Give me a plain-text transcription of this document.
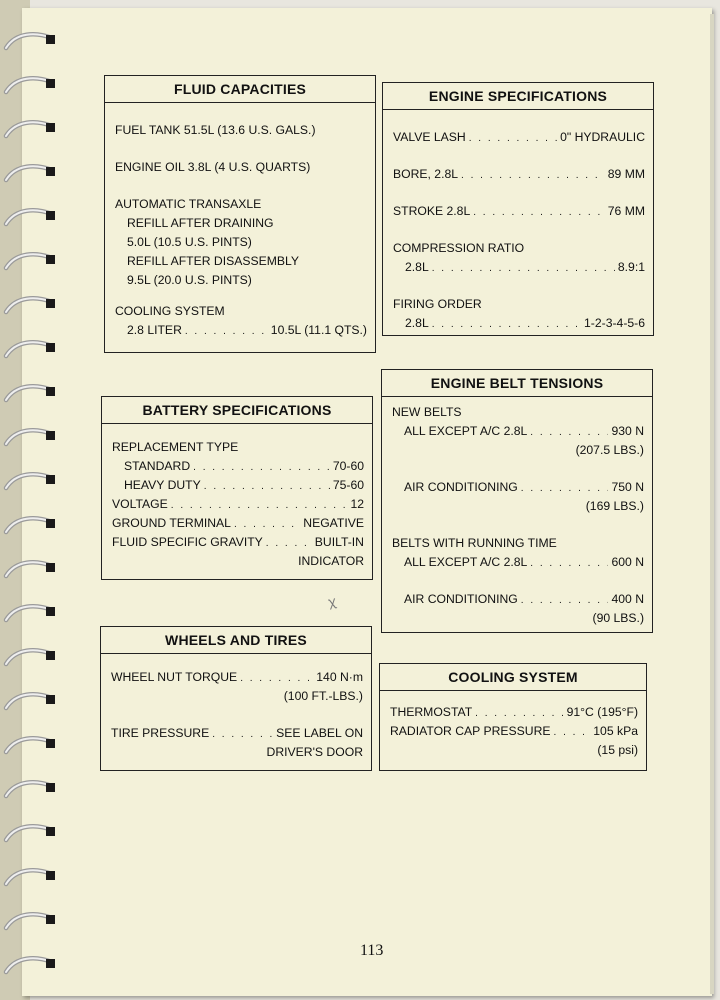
FLUID CAPACITIES
FUEL TANK 51.5L (13.6 U.S. GALS.)
ENGINE OIL 3.8L (4 U.S. QUARTS)
AUTOMATIC TRANSAXLE
REFILL AFTER DRAINING
5.0L (10.5 U.S. PINTS)
REFILL AFTER DISASSEMBLY
9.5L (20.0 U.S. PINTS)
COOLING SYSTEM
2.8 LITER . . .	10.5L (11.1 QTS.)
ENGINE SPECIFICATIONS
VALVE LASH . . .	0" HYDRAULIC
BORE, 2.8L . . .	89 MM
STROKE 2.8L . . .	76 MM
COMPRESSION RATIO
2.8L . . .	8.9:1
FIRING ORDER
2.8L . . .	1-2-3-4-5-6
BATTERY SPECIFICATIONS
REPLACEMENT TYPE
STANDARD . . .	70-60
HEAVY DUTY . . .	75-60
VOLTAGE . . .	12
GROUND TERMINAL . . .	NEGATIVE
FLUID SPECIFIC GRAVITY . . .	BUILT-IN
INDICATOR
ENGINE BELT TENSIONS
NEW BELTS
ALL EXCEPT A/C 2.8L . . .	930 N
(207.5 LBS.)
AIR CONDITIONING . . .	750 N
(169 LBS.)
BELTS WITH RUNNING TIME
ALL EXCEPT A/C 2.8L . . .	600 N
AIR CONDITIONING . . .	400 N
(90 LBS.)
WHEELS AND TIRES
WHEEL NUT TORQUE . . .	140 N·m
(100 FT.-LBS.)
TIRE PRESSURE . . .	SEE LABEL ON
DRIVER'S DOOR
COOLING SYSTEM
THERMOSTAT . . .	91°C (195°F)
RADIATOR CAP PRESSURE . . .	105 kPa
(15 psi)
ꭓ
113
